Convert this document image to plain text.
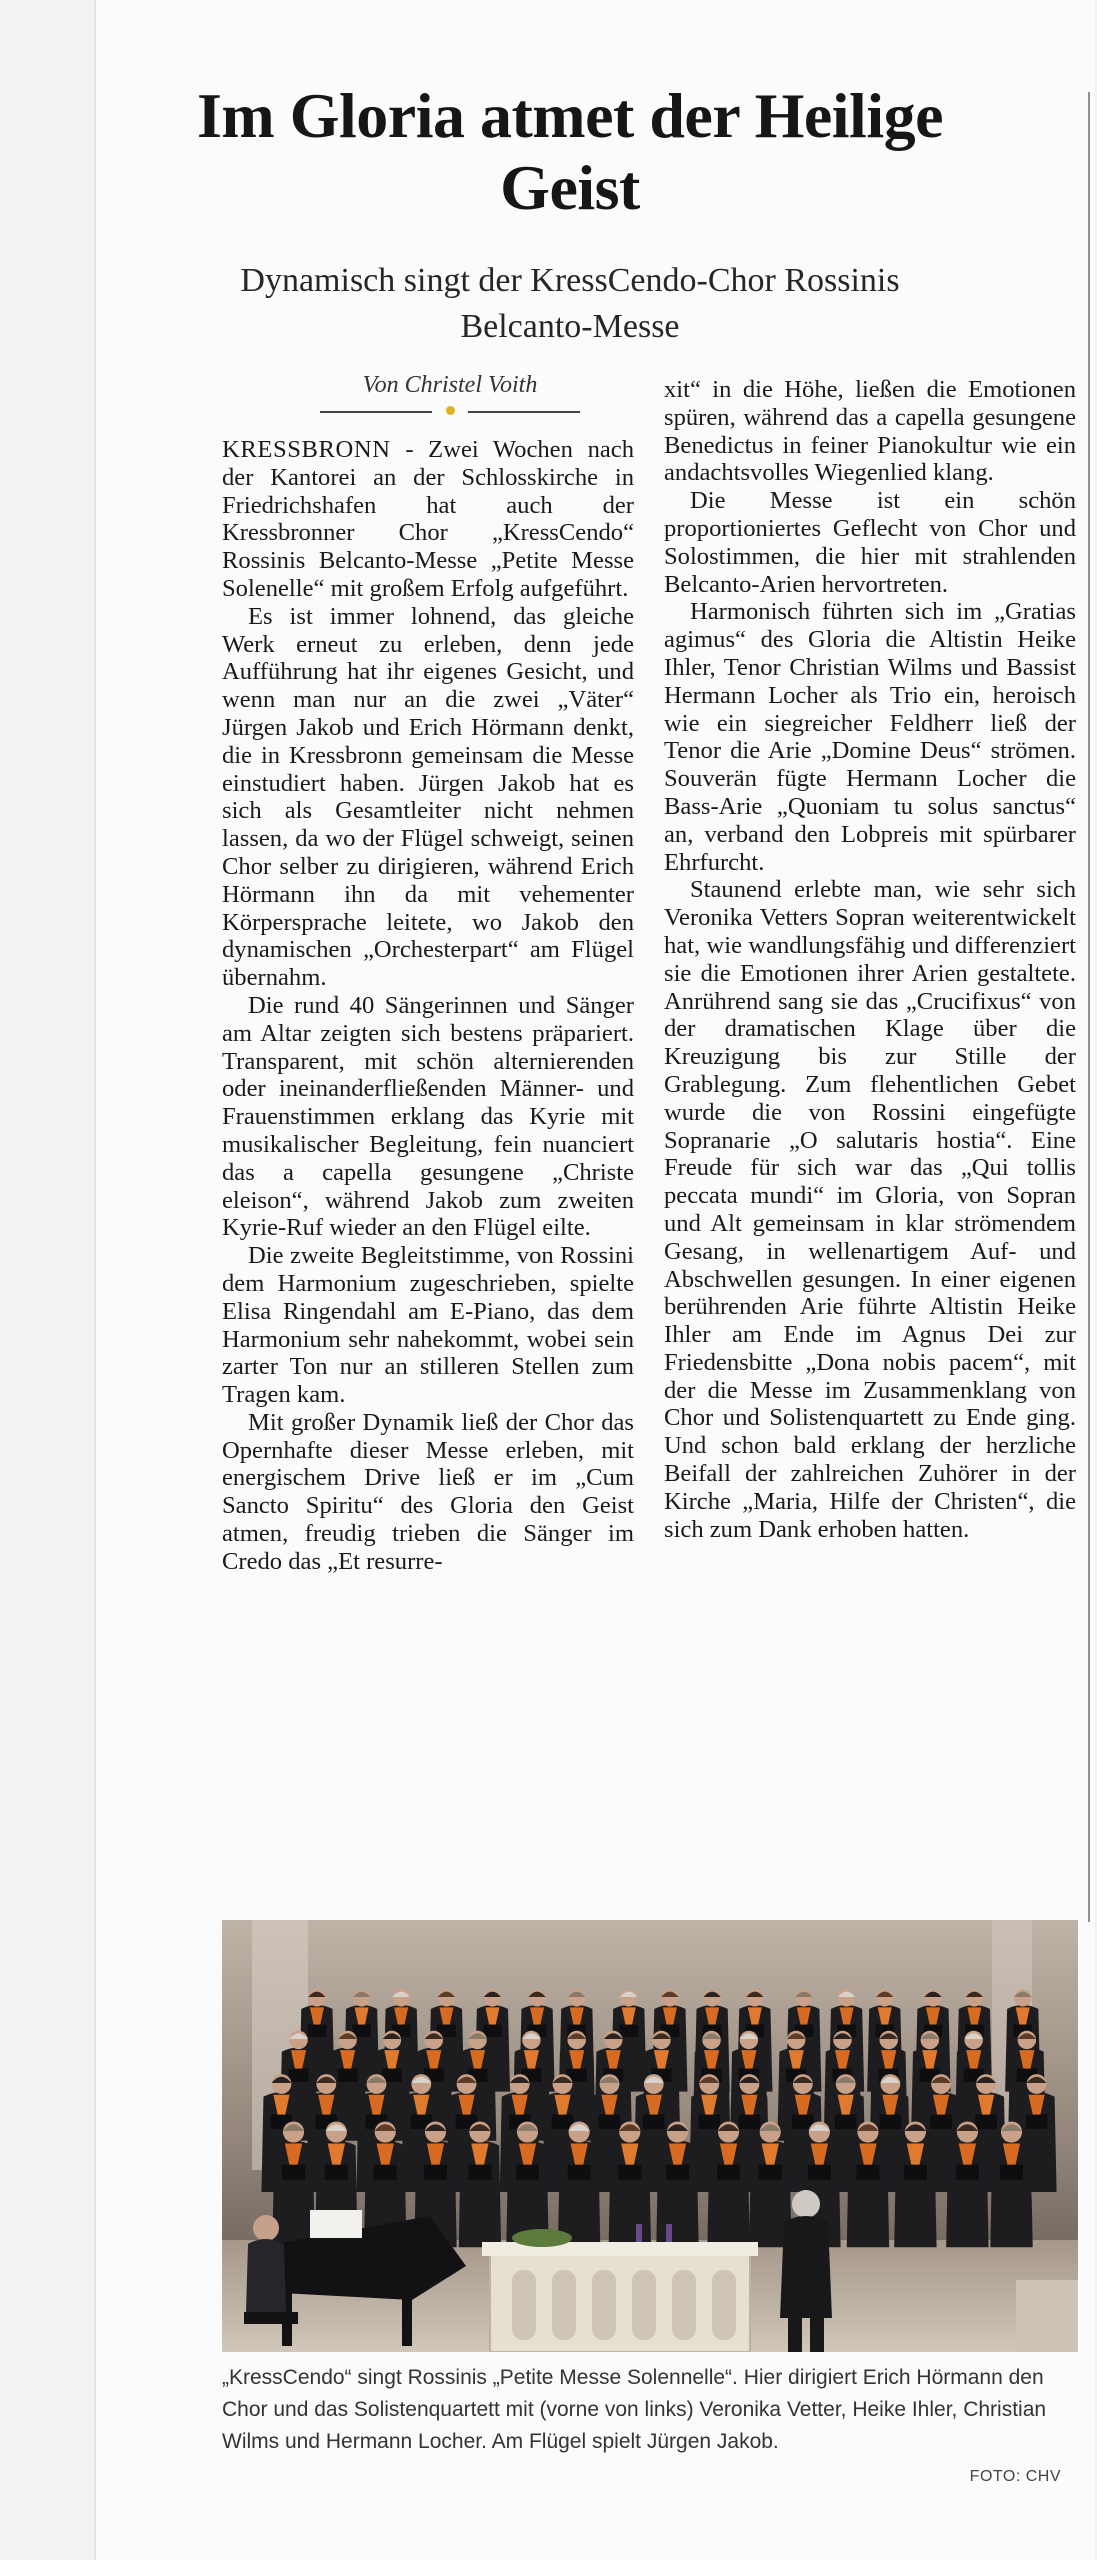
Im Gloria atmet der Heilige Geist
Dynamisch singt der KressCendo-Chor Rossinis Belcanto-Messe
Von Christel Voith

KRESSBRONN - Zwei Wochen nach der Kantorei an der Schlosskirche in Friedrichshafen hat auch der Kressbronner Chor „KressCendo“ Rossinis Belcanto-Messe „Petite Messe Solenelle“ mit großem Erfolg aufgeführt.

Es ist immer lohnend, das gleiche Werk erneut zu erleben, denn jede Aufführung hat ihr eigenes Gesicht, und wenn man nur an die zwei „Väter“ Jürgen Jakob und Erich Hörmann denkt, die in Kressbronn gemeinsam die Messe einstudiert haben. Jürgen Jakob hat es sich als Gesamtleiter nicht nehmen lassen, da wo der Flügel schweigt, seinen Chor selber zu dirigieren, während Erich Hörmann ihn da mit vehementer Körpersprache leitete, wo Jakob den dynamischen „Orchesterpart“ am Flügel übernahm.

Die rund 40 Sängerinnen und Sänger am Altar zeigten sich bestens präpariert. Transparent, mit schön alternierenden oder ineinanderfließenden Männer- und Frauenstimmen erklang das Kyrie mit musikalischer Begleitung, fein nuanciert das a capella gesungene „Christe eleison“, während Jakob zum zweiten Kyrie-Ruf wieder an den Flügel eilte.

Die zweite Begleitstimme, von Rossini dem Harmonium zugeschrieben, spielte Elisa Ringendahl am E-Piano, das dem Harmonium sehr nahekommt, wobei sein zarter Ton nur an stilleren Stellen zum Tragen kam.

Mit großer Dynamik ließ der Chor das Opernhafte dieser Messe erleben, mit energischem Drive ließ er im „Cum Sancto Spiritu“ des Gloria den Geist atmen, freudig trieben die Sänger im Credo das „Et resurre-

xit“ in die Höhe, ließen die Emotionen spüren, während das a capella gesungene Benedictus in feiner Pianokultur wie ein andachtsvolles Wiegenlied klang.

Die Messe ist ein schön proportioniertes Geflecht von Chor und Solostimmen, die hier mit strahlenden Belcanto-Arien hervortreten.

Harmonisch führten sich im „Gratias agimus“ des Gloria die Altistin Heike Ihler, Tenor Christian Wilms und Bassist Hermann Locher als Trio ein, heroisch wie ein siegreicher Feldherr ließ der Tenor die Arie „Domine Deus“ strömen. Souverän fügte Hermann Locher die Bass-Arie „Quoniam tu solus sanctus“ an, verband den Lobpreis mit spürbarer Ehrfurcht.

Staunend erlebte man, wie sehr sich Veronika Vetters Sopran weiterentwickelt hat, wie wandlungsfähig und differenziert sie die Emotionen ihrer Arien gestaltete. Anrührend sang sie das „Crucifixus“ von der dramatischen Klage über die Kreuzigung bis zur Stille der Grablegung. Zum flehentlichen Gebet wurde die von Rossini eingefügte Sopranarie „O salutaris hostia“. Eine Freude für sich war das „Qui tollis peccata mundi“ im Gloria, von Sopran und Alt gemeinsam in klar strömendem Gesang, in wellenartigem Auf- und Abschwellen gesungen. In einer eigenen berührenden Arie führte Altistin Heike Ihler am Ende im Agnus Dei zur Friedensbitte „Dona nobis pacem“, mit der die Messe im Zusammenklang von Chor und Solistenquartett zu Ende ging. Und schon bald erklang der herzliche Beifall der zahlreichen Zuhörer in der Kirche „Maria, Hilfe der Christen“, die sich zum Dank erhoben hatten.

„KressCendo“ singt Rossinis „Petite Messe Solennelle“. Hier dirigiert Erich Hörmann den Chor und das Solistenquartett mit (vorne von links) Veronika Vetter, Heike Ihler, Christian Wilms und Hermann Locher. Am Flügel spielt Jürgen Jakob.

FOTO: CHV
